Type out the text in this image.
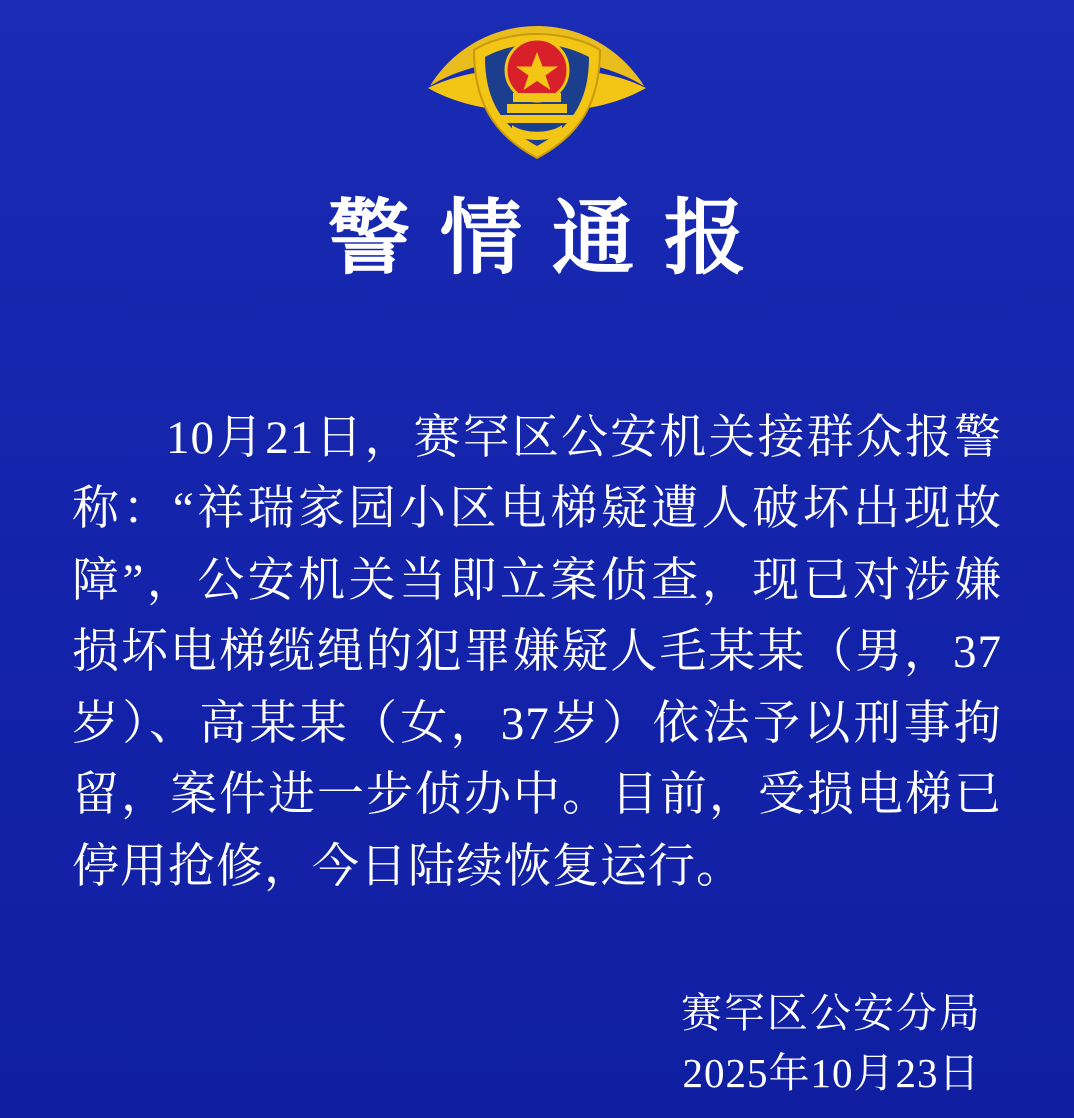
警情通报

10月21日，赛罕区公安机关接群众报警称：“祥瑞家园小区电梯疑遭人破坏出现故障”，公安机关当即立案侦查，现已对涉嫌损坏电梯缆绳的犯罪嫌疑人毛某某（男，37岁）、高某某（女，37岁）依法予以刑事拘留，案件进一步侦办中。目前，受损电梯已停用抢修，今日陆续恢复运行。

赛罕区公安分局
2025年10月23日
